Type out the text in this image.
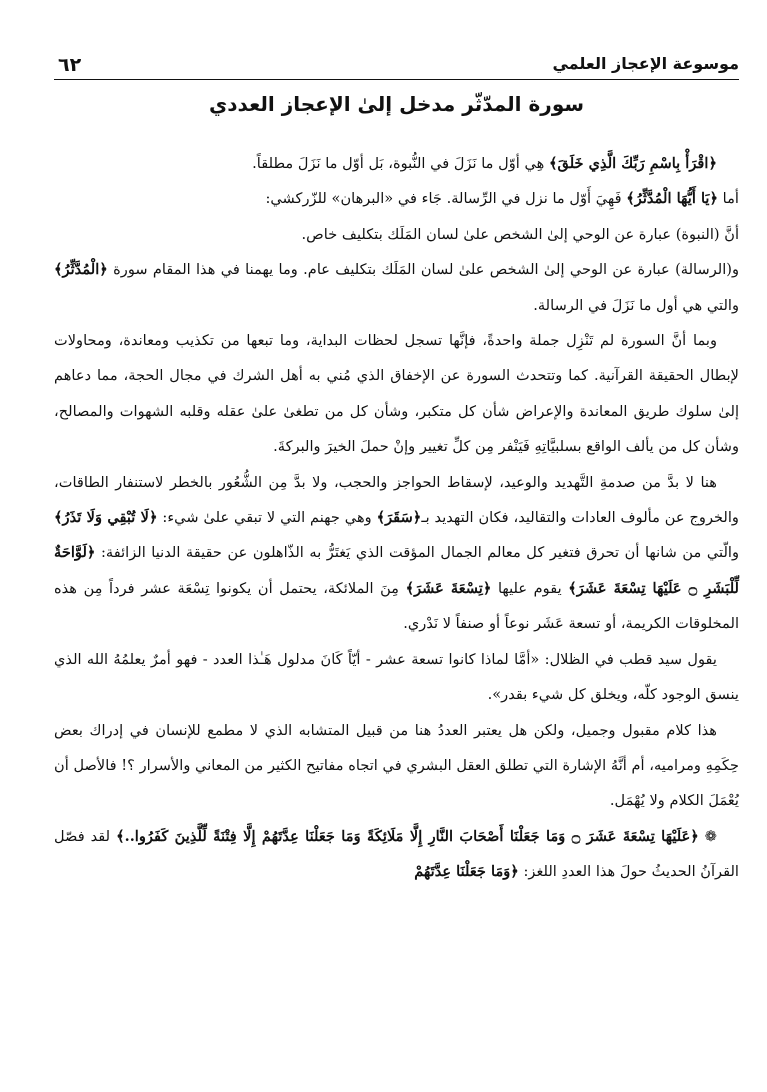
موسوعة الإعجاز العلمي
٦٢
سورة المدّثّر مدخل إلىٰ الإعجاز العددي

﴿اقْرَأْ بِاسْمِ رَبِّكَ الَّذِي خَلَقَ﴾ هِي أوّل ما نَزَلَ في النُّبوة، بَل أوّل ما نَزَلَ مطلقاً.

أما ﴿يَا أَيُّهَا الْمُدَّثِّرُ﴾ فَهِيَ أَوّل ما نزل في الرِّسالة. جَاء في «البرهان» للزّركشي:

أنَّ (النبوة) عبارة عن الوحي إلىٰ الشخص علىٰ لسان المَلَك بتكليف خاص.

و(الرسالة) عبارة عن الوحي إلىٰ الشخص علىٰ لسان المَلَك بتكليف عام. وما يهمنا في هذا المقام سورة ﴿الْمُدَّثِّرُ﴾ والتي هي أول ما نَزَلَ في الرسالة.

وبما أنَّ السورة لم تَنْزِل جملة واحدةً، فإنَّها تسجل لحظات البداية، وما تبعها من تكذيب ومعاندة، ومحاولات لإبطال الحقيقة القرآنية. كما وتتحدث السورة عن الإخفاق الذي مُني به أهل الشرك في مجال الحجة، مما دعاهم إلىٰ سلوك طريق المعاندة والإعراض شأن كل متكبر، وشأن كل من تطغىٰ علىٰ عقله وقلبه الشهوات والمصالح، وشأن كل من يألف الواقع بسلبيَّاتِهِ فَيَنْفر مِن كلِّ تغيير وإنْ حملَ الخيرَ والبركةَ.

هنا لا بدَّ من صدمةِ التَّهديد والوعيد، لإسقاط الحواجز والحجب، ولا بدَّ مِن الشُّعُور بالخطر لاستنفار الطاقات، والخروج عن مألوف العادات والتقاليد، فكان التهديد بـ﴿سَقَرَ﴾ وهي جهنم التي لا تبقي علىٰ شيء: ﴿لَا تُبْقِي وَلَا تَذَرُ﴾ والّتي من شانها أن تحرق فتغير كل معالم الجمال المؤقت الذي يَغتَرُّ به الذّاهلون عن حقيقة الدنيا الزائفة: ﴿لَوَّاحَةٌ لِّلْبَشَرِ ۝ عَلَيْهَا تِسْعَةَ عَشَرَ﴾ يقوم عليها ﴿تِسْعَةَ عَشَرَ﴾ مِنَ الملائكة، يحتمل أن يكونوا تِسْعَة عشر فرداً مِن هذه المخلوقات الكريمة، أو تسعة عَشَر نوعاً أو صنفاً لا نَدْري.

يقول سيد قطب في الظلال: «أمَّا لماذا كانوا تسعة عشر - أيّاً كَانَ مدلول هَـٰذا العدد - فهو أمرٌ يعلمُهُ الله الذي ينسق الوجود كلّه، ويخلق كل شيء بقدر».

هذا كلام مقبول وجميل، ولكن هل يعتبر العددُ هنا من قبيل المتشابه الذي لا مطمع للإنسان في إدراك بعض حِكَمِهِ ومراميه، أم أنَّهُ الإشارة التي تطلق العقل البشري في اتجاه مفاتيح الكثير من المعاني والأسرار ؟! فالأصل أن يُعْمَلَ الكلام ولا يُهْمَل.

❁ ﴿عَلَيْهَا تِسْعَةَ عَشَرَ ۝ وَمَا جَعَلْنَا أَصْحَابَ النَّارِ إِلَّا مَلَائِكَةً وَمَا جَعَلْنَا عِدَّتَهُمْ إِلَّا فِتْنَةً لِّلَّذِينَ كَفَرُوا..﴾ لقد فصّل القرآنُ الحديثُ حولَ هذا العددِ اللغز: ﴿وَمَا جَعَلْنَا عِدَّتَهُمْ
